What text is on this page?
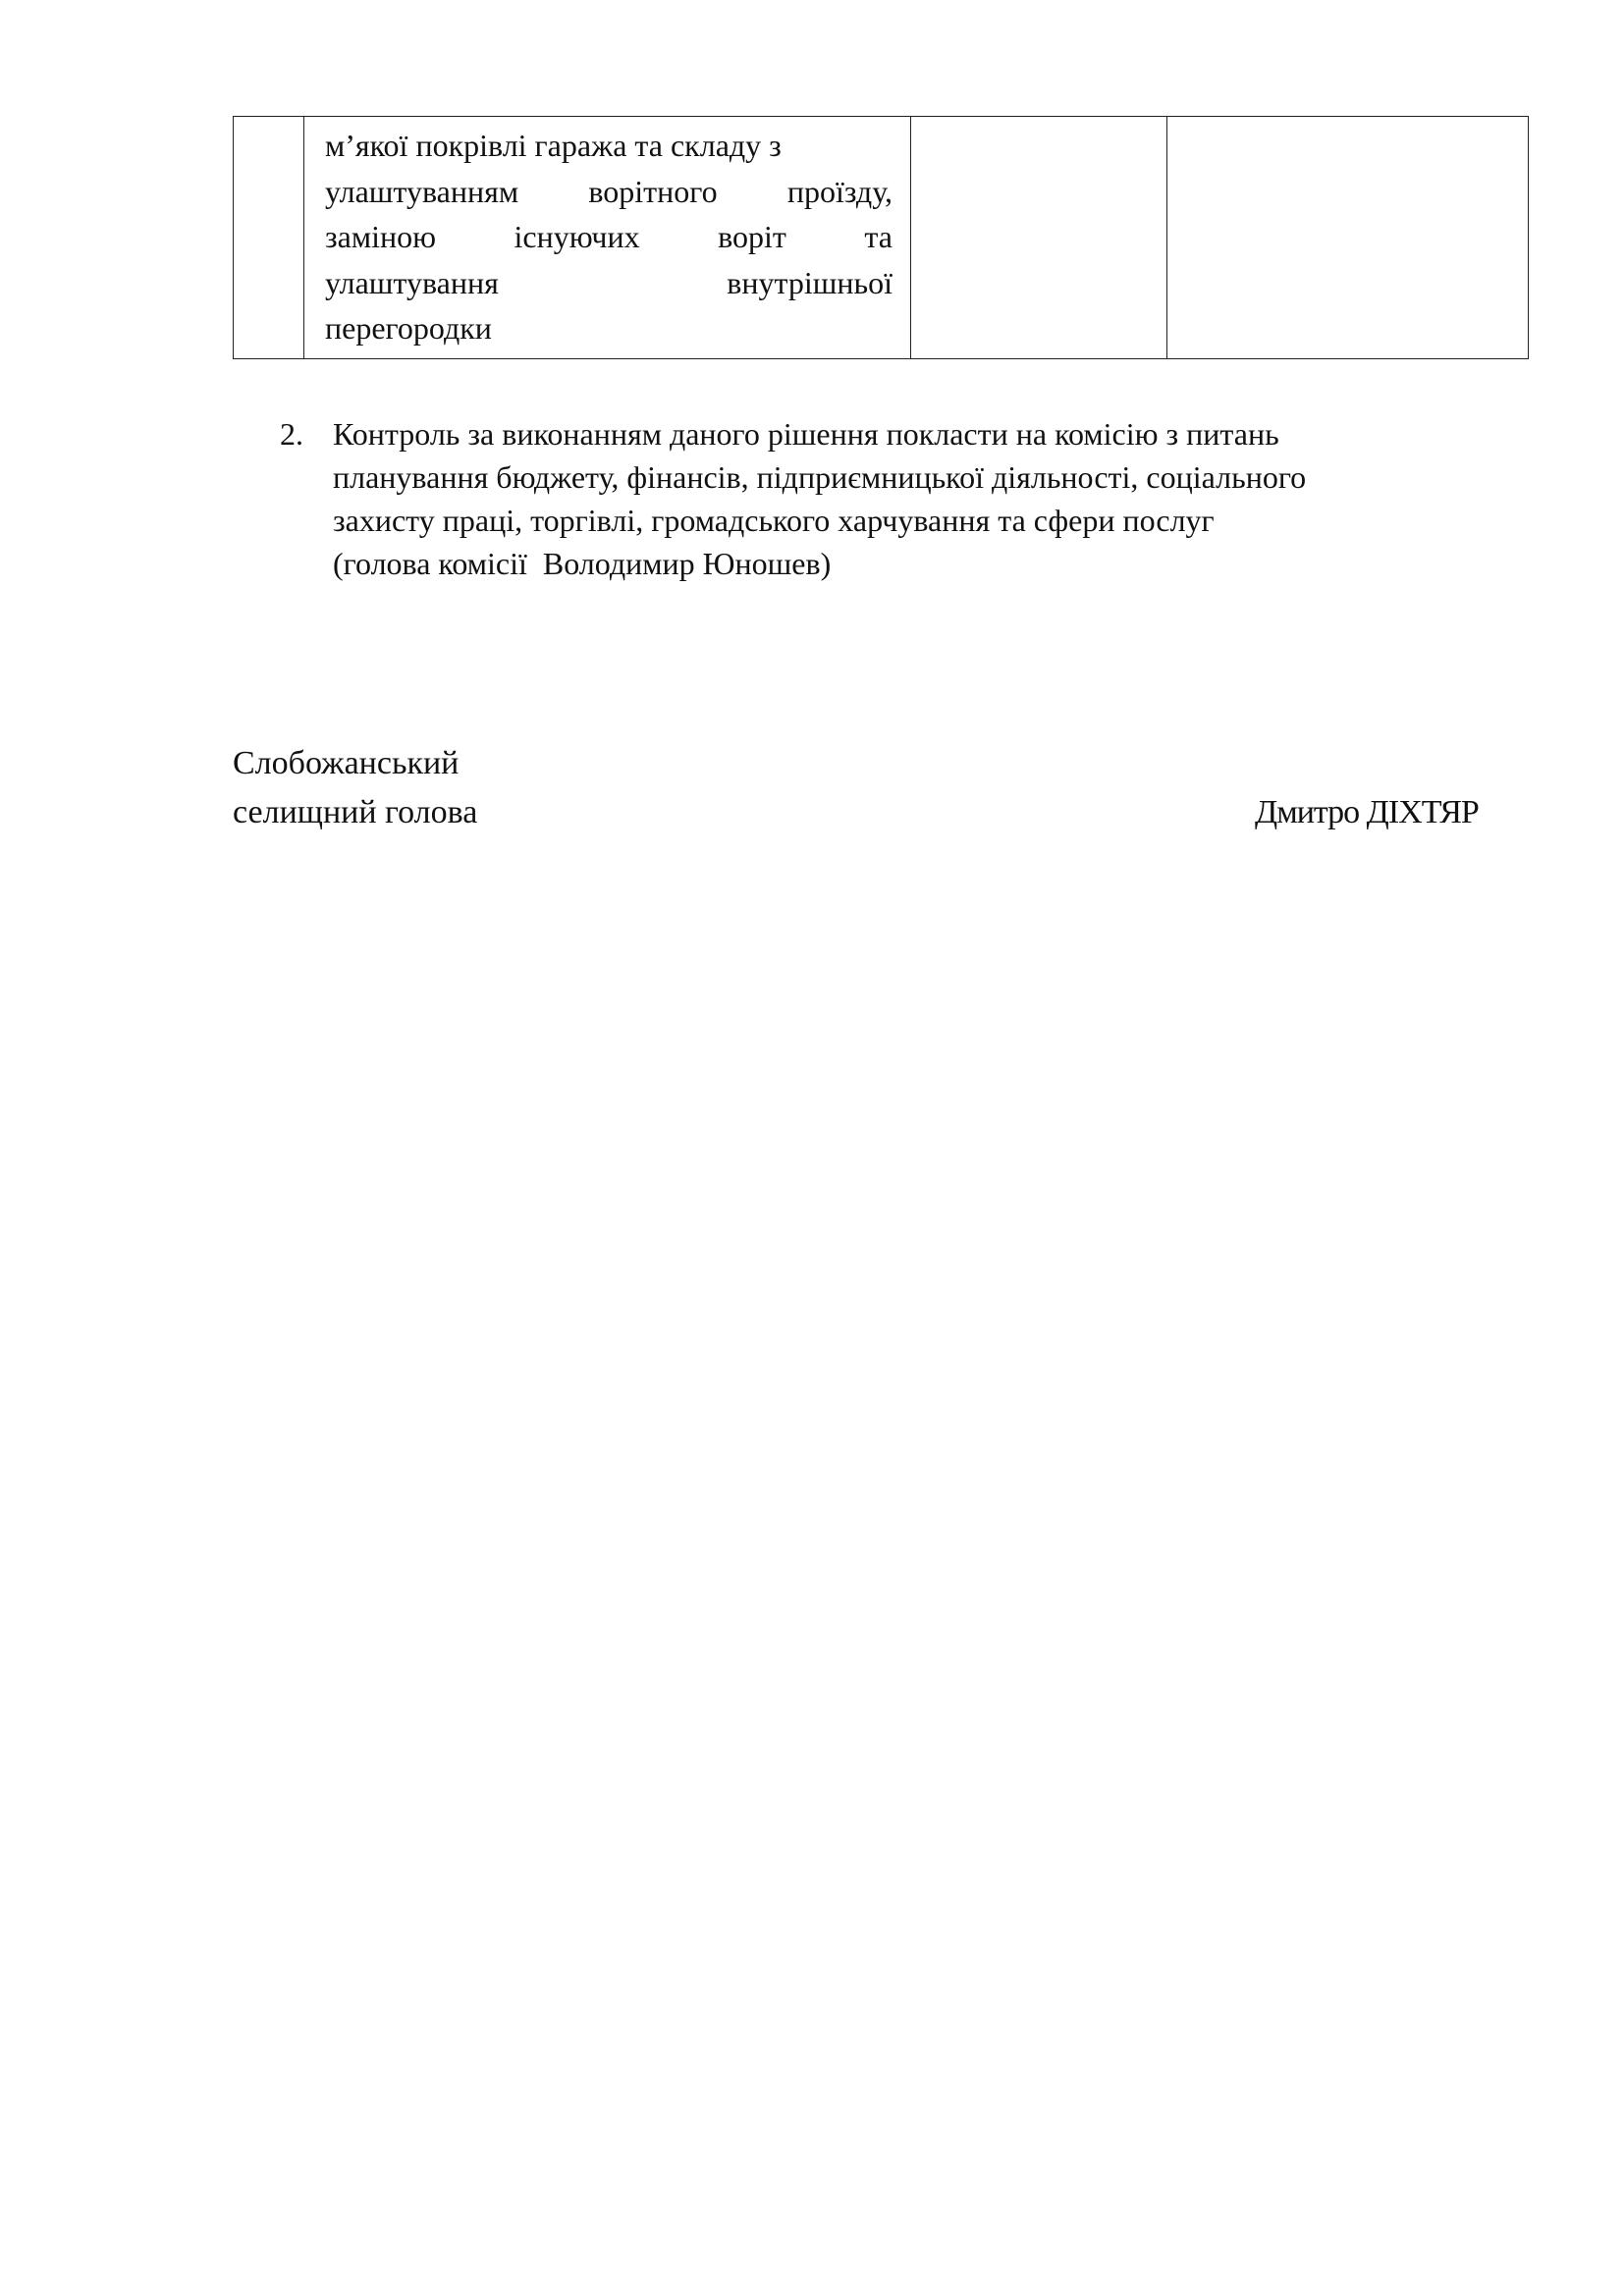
м’якої покрівлі гаража та складу з
улаштуванням ворітного проїзду,
заміною існуючих воріт та
улаштування	внутрішньої
перегородки

2. Контроль за виконанням даного рішення покласти на комісію з питань
планування бюджету, фінансів, підприємницької діяльності, соціального
захисту праці, торгівлі, громадського харчування та сфери послуг
(голова комісії  Володимир Юношев)
Слобожанський
селищний голова	Дмитро ДІХТЯР
